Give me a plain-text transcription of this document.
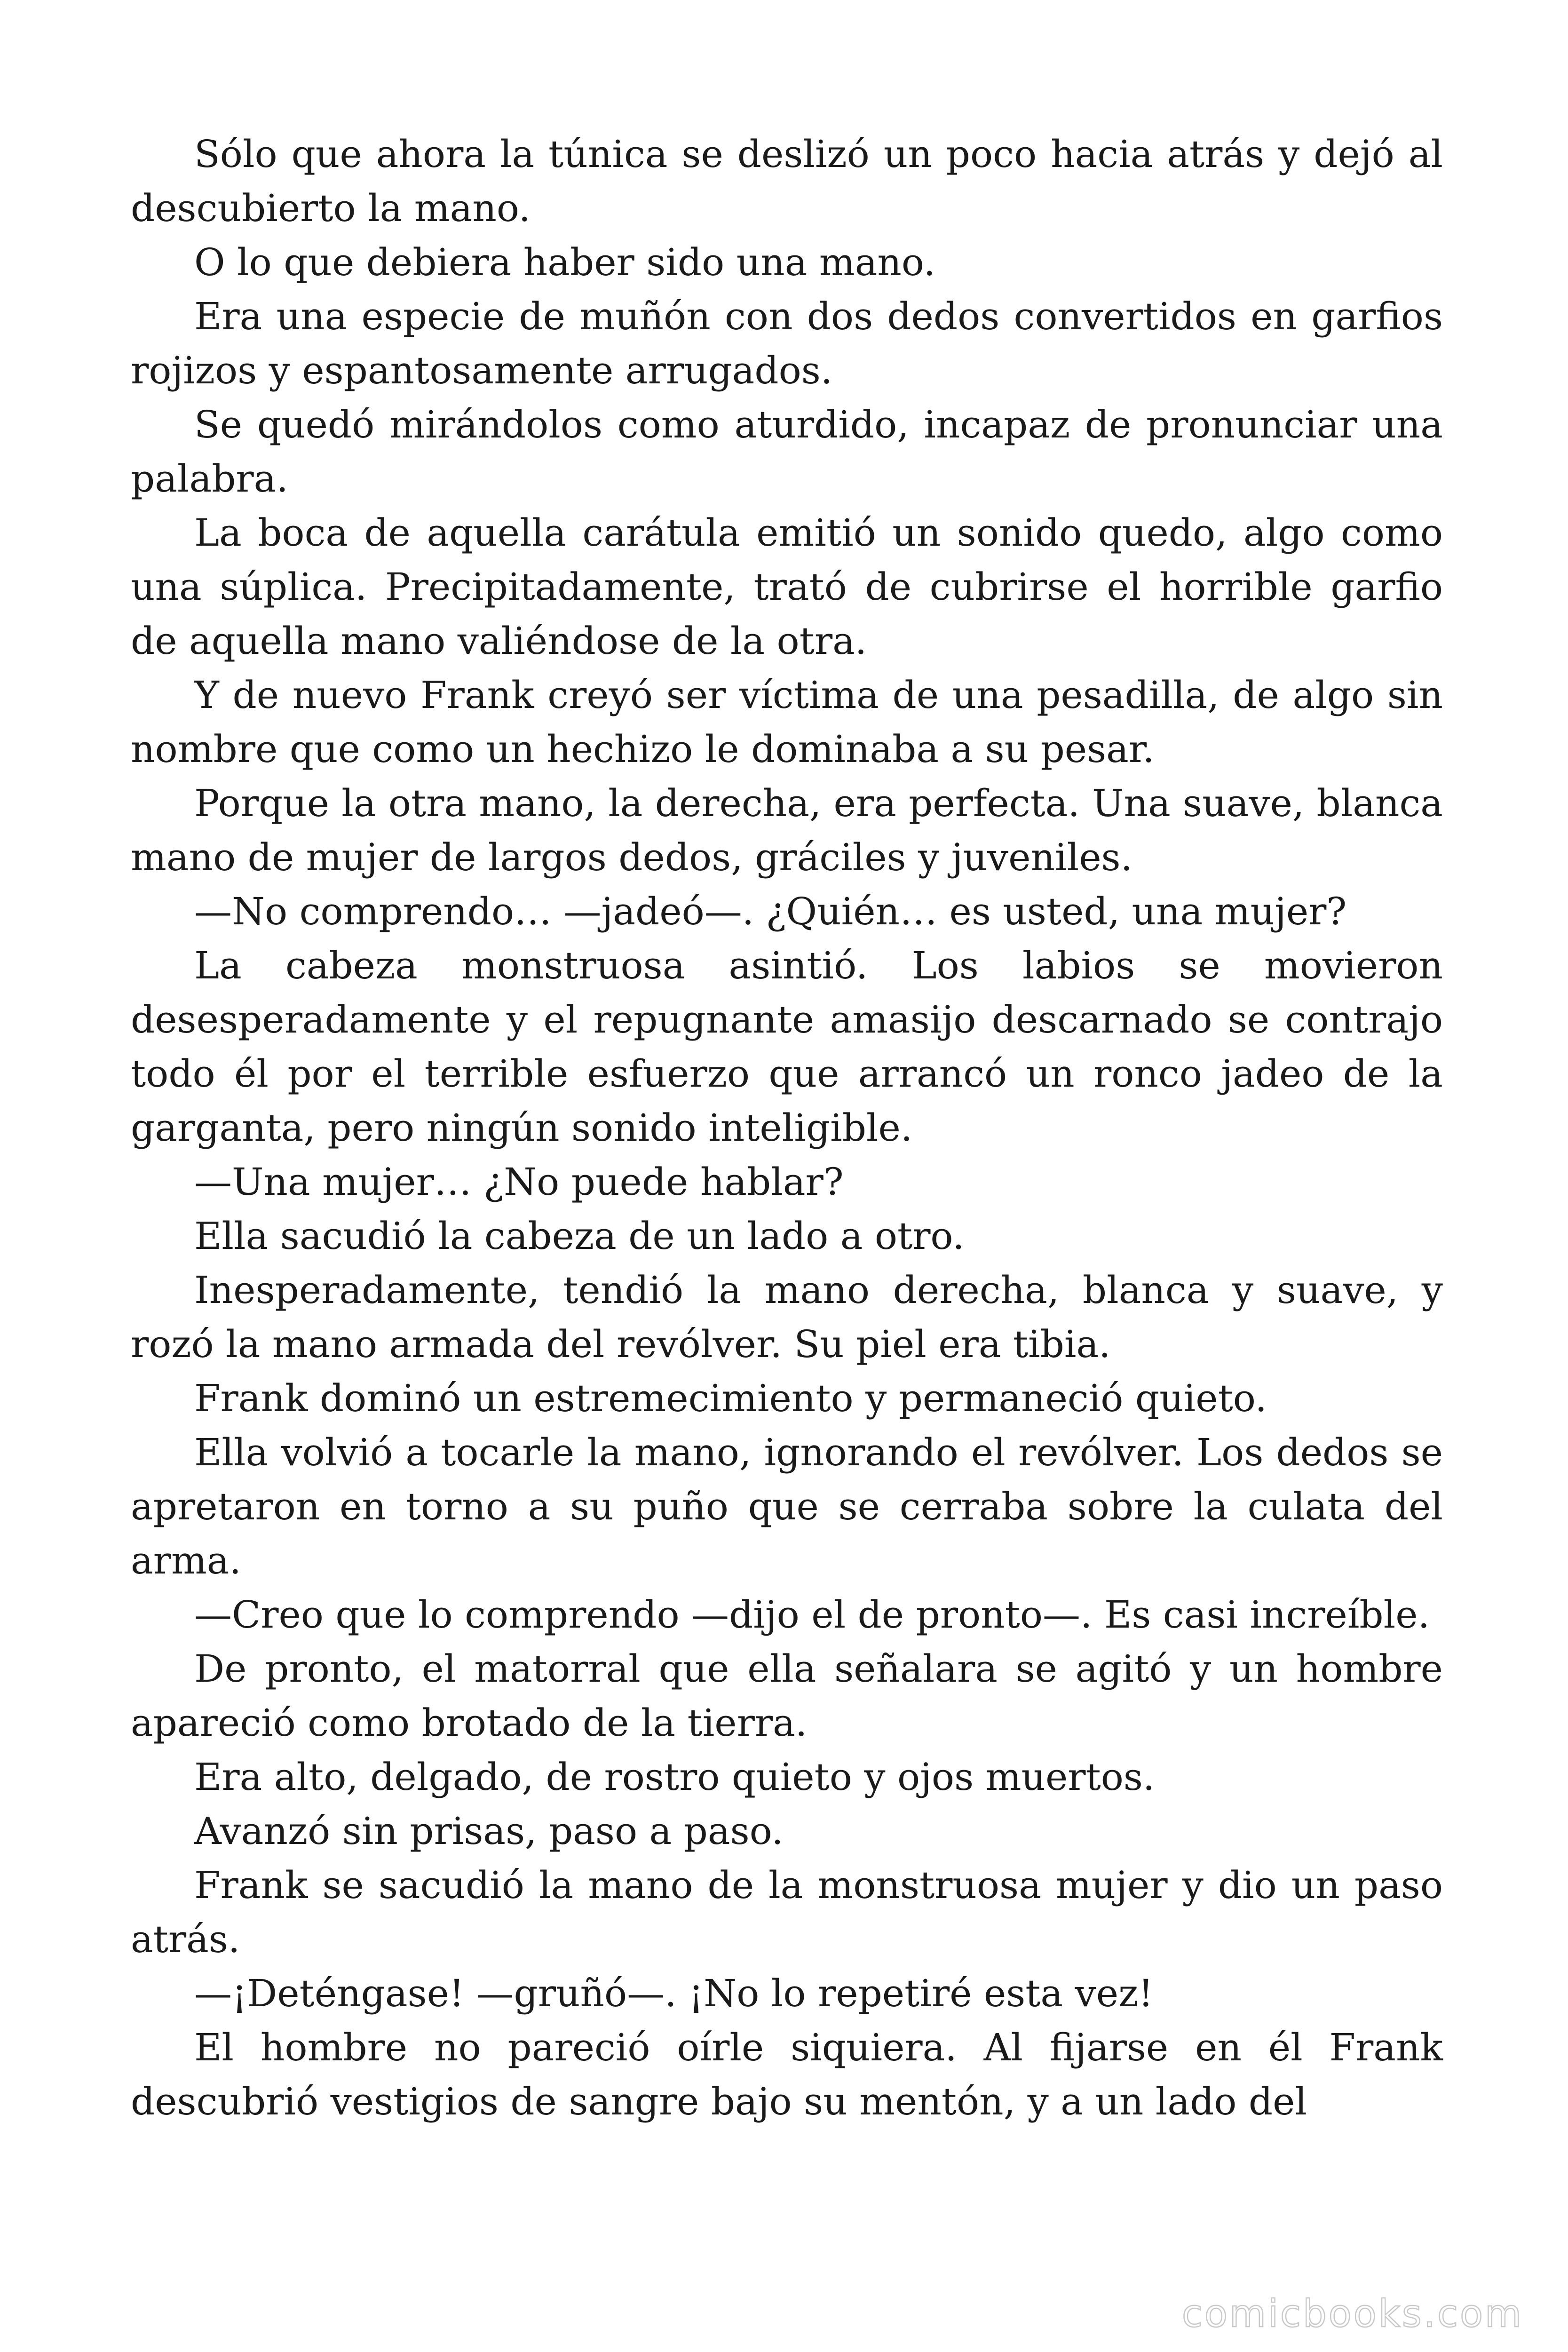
Sólo que ahora la túnica se deslizó un poco hacia atrás y dejó al descubierto la mano.

O lo que debiera haber sido una mano.

Era una especie de muñón con dos dedos convertidos en garfios rojizos y espantosamente arrugados.

Se quedó mirándolos como aturdido, incapaz de pronunciar una palabra.

La boca de aquella carátula emitió un sonido quedo, algo como una súplica. Precipitadamente, trató de cubrirse el horrible garfio de aquella mano valiéndose de la otra.

Y de nuevo Frank creyó ser víctima de una pesadilla, de algo sin nombre que como un hechizo le dominaba a su pesar.

Porque la otra mano, la derecha, era perfecta. Una suave, blanca mano de mujer de largos dedos, gráciles y juveniles.

—No comprendo… —jadeó—. ¿Quién… es usted, una mujer?

La cabeza monstruosa asintió. Los labios se movieron desesperadamente y el repugnante amasijo descarnado se contrajo todo él por el terrible esfuerzo que arrancó un ronco jadeo de la garganta, pero ningún sonido inteligible.

—Una mujer… ¿No puede hablar?

Ella sacudió la cabeza de un lado a otro.

Inesperadamente, tendió la mano derecha, blanca y suave, y rozó la mano armada del revólver. Su piel era tibia.

Frank dominó un estremecimiento y permaneció quieto.

Ella volvió a tocarle la mano, ignorando el revólver. Los dedos se apretaron en torno a su puño que se cerraba sobre la culata del arma.

—Creo que lo comprendo —dijo el de pronto—. Es casi increíble.

De pronto, el matorral que ella señalara se agitó y un hombre apareció como brotado de la tierra.

Era alto, delgado, de rostro quieto y ojos muertos.

Avanzó sin prisas, paso a paso.

Frank se sacudió la mano de la monstruosa mujer y dio un paso atrás.

—¡Deténgase! —gruñó—. ¡No lo repetiré esta vez!

El hombre no pareció oírle siquiera. Al fijarse en él Frank descubrió vestigios de sangre bajo su mentón, y a un lado del

comicbooks.com
